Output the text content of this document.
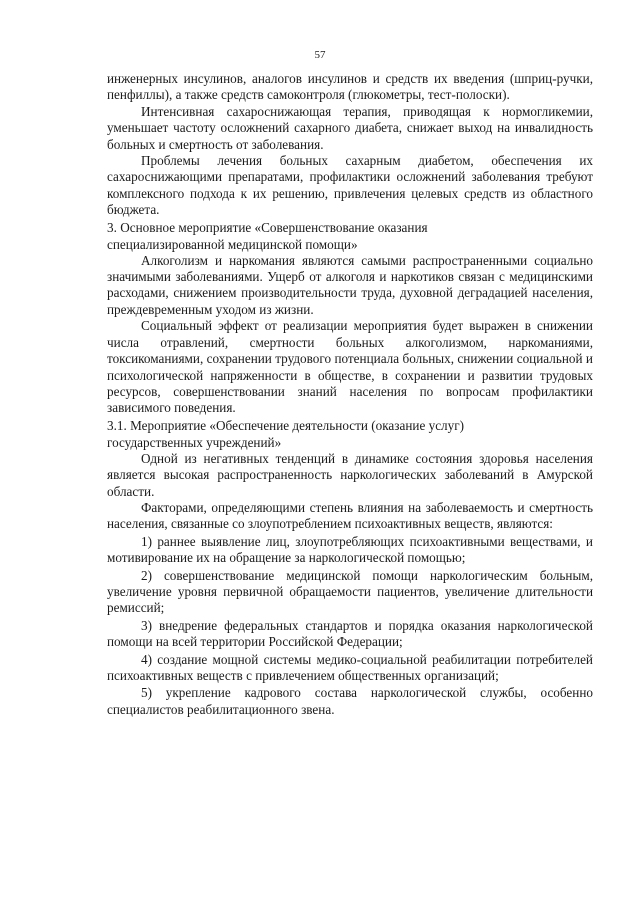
57

инженерных инсулинов, аналогов инсулинов и средств их введения (шприц-ручки, пенфиллы), а также средств самоконтроля (глюкометры, тест-полоски).

Интенсивная сахароснижающая терапия, приводящая к нормогликемии, уменьшает частоту осложнений сахарного диабета, снижает выход на инвалидность больных и смертность от заболевания.

Проблемы лечения больных сахарным диабетом, обеспечения их сахароснижающими препаратами, профилактики осложнений заболевания требуют комплексного подхода к их решению, привлечения целевых средств из областного бюджета.

3. Основное мероприятие «Совершенствование оказания
специализированной медицинской помощи»

Алкоголизм и наркомания являются самыми распространенными социально значимыми заболеваниями. Ущерб от алкоголя и наркотиков связан с медицинскими расходами, снижением производительности труда, духовной деградацией населения, преждевременным уходом из жизни.

Социальный эффект от реализации мероприятия будет выражен в снижении числа отравлений, смертности больных алкоголизмом, наркоманиями, токсикоманиями, сохранении трудового потенциала больных, снижении социальной и психологической напряженности в обществе, в сохранении и развитии трудовых ресурсов, совершенствовании знаний населения по вопросам профилактики зависимого поведения.

3.1. Мероприятие «Обеспечение деятельности (оказание услуг)
государственных учреждений»

Одной из негативных тенденций в динамике состояния здоровья населения является высокая распространенность наркологических заболеваний в Амурской области.

Факторами, определяющими степень влияния на заболеваемость и смертность населения, связанные со злоупотреблением психоактивных веществ, являются:

1) раннее выявление лиц, злоупотребляющих психоактивными веществами, и мотивирование их на обращение за наркологической помощью;

2) совершенствование медицинской помощи наркологическим больным, увеличение уровня первичной обращаемости пациентов, увеличение длительности ремиссий;

3) внедрение федеральных стандартов и порядка оказания наркологической помощи на всей территории Российской Федерации;

4) создание мощной системы медико-социальной реабилитации потребителей психоактивных веществ с привлечением общественных организаций;

5) укрепление кадрового состава наркологической службы, особенно специалистов реабилитационного звена.
